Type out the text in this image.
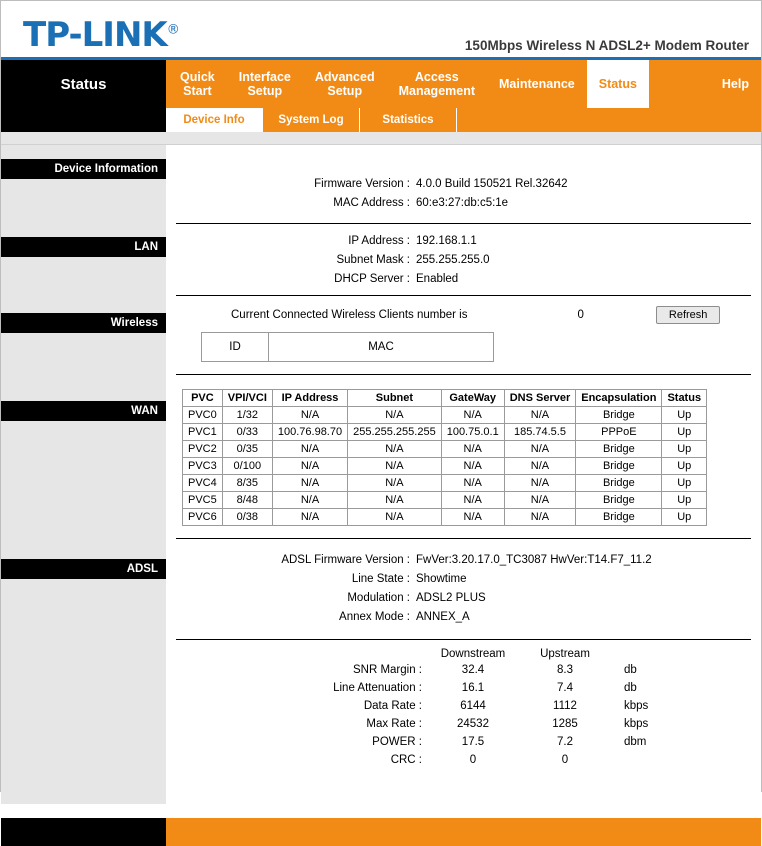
TP-LINK®
150Mbps Wireless N ADSL2+ Modem Router
Status	Quick
Start
Interface
Setup
Advanced
Setup
Access
Management Maintenance Status	Help
Device Info	System Log	Statistics
Device Information
LAN
Wireless
WAN
ADSL
Firmware Version : 4.0.0 Build 150521 Rel.32642
MAC Address : 60:e3:27:db:c5:1e
IP Address : 192.168.1.1
Subnet Mask : 255.255.255.0
DHCP Server : Enabled
Current Connected Wireless Clients number is	0	Refresh
ID	MAC
PVC	VPI/VCI	IP Address	Subnet	GateWay	DNS Server	Encapsulation	Status
PVC0	1/32	N/A	N/A	N/A	N/A	Bridge	Up
PVC1	0/33	100.76.98.70	255.255.255.255	100.75.0.1	185.74.5.5	PPPoE	Up
PVC2	0/35	N/A	N/A	N/A	N/A	Bridge	Up
PVC3	0/100	N/A	N/A	N/A	N/A	Bridge	Up
PVC4	8/35	N/A	N/A	N/A	N/A	Bridge	Up
PVC5	8/48	N/A	N/A	N/A	N/A	Bridge	Up
PVC6	0/38	N/A	N/A	N/A	N/A	Bridge	Up
ADSL Firmware Version : FwVer:3.20.17.0_TC3087 HwVer:T14.F7_11.2
Line State : Showtime
Modulation : ADSL2 PLUS
Annex Mode : ANNEX_A
	Downstream	Upstream	
SNR Margin :	32.4	8.3	db
Line Attenuation :	16.1	7.4	db
Data Rate :	6144	1112	kbps
Max Rate :	24532	1285	kbps
POWER :	17.5	7.2	dbm
CRC :	0	0	
